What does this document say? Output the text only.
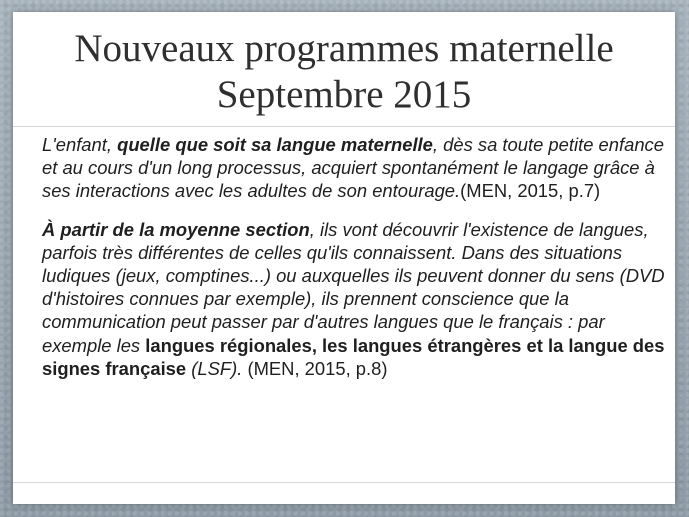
Nouveaux programmes maternelle
Septembre 2015

L'enfant, quelle que soit sa langue maternelle, dès sa toute petite enfance et au cours d'un long processus, acquiert spontanément le langage grâce à ses interactions avec les adultes de son entourage.(MEN, 2015, p.7)

À partir de la moyenne section, ils vont découvrir l'existence de langues, parfois très différentes de celles qu'ils connaissent. Dans des situations ludiques (jeux, comptines...) ou auxquelles ils peuvent donner du sens (DVD d'histoires connues par exemple), ils prennent conscience que la communication peut passer par d'autres langues que le français : par exemple les langues régionales, les langues étrangères et la langue des signes française (LSF). (MEN, 2015, p.8)
